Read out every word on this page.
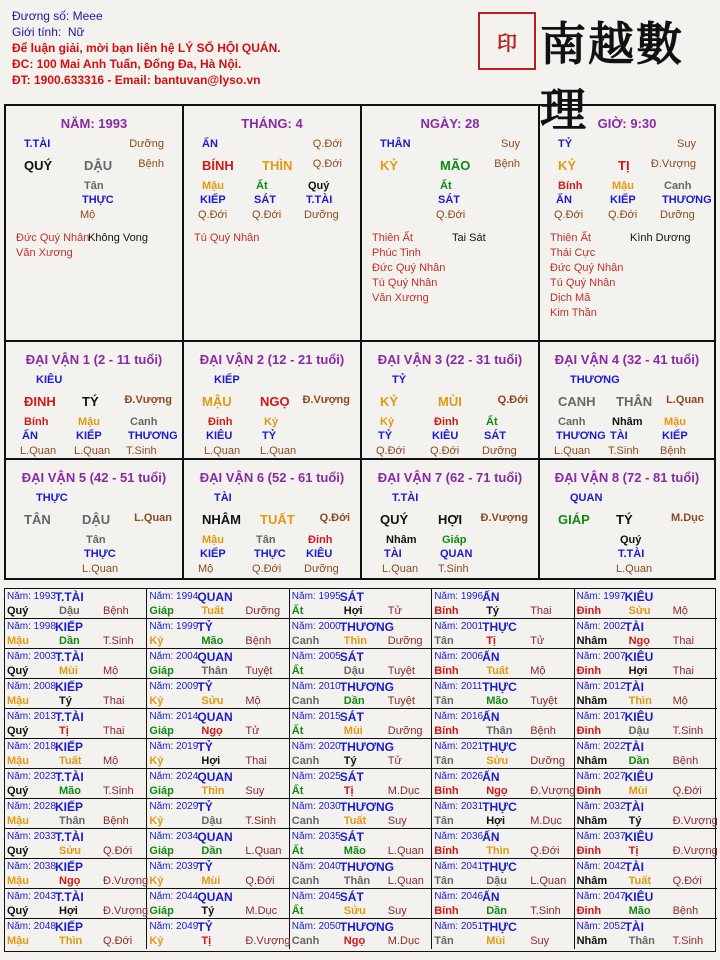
Đương số: Meee
Giới tính: Nữ
Để luận giải, mời bạn liên hệ LÝ SỐ HỘI QUÁN.
ĐC: 100 Mai Anh Tuấn, Đống Đa, Hà Nội.
ĐT: 1900.633316 - Email: bantuvan@lyso.vn
印 南越數理
NĂM: 1993
T.TÀI	Dưỡng
QUÝ DẬU Bệnh
Tân
THỰC
Mộ
Đức Quý Nhân
Văn Xương
Không Vong
THÁNG: 4
ẤN	Q.Đới
BÍNH THÌN Q.Đới
Mậu
KIẾP
Q.Đới
Ất
SÁT
Q.Đới
Quý
T.TÀI
Dưỡng
Tú Quý Nhân
NGÀY: 28
THÂN	Suy
KỶ	MÃO Bệnh
Ất
SÁT
Q.Đới
Thiên Ất
Phúc Tinh
Đức Quý Nhân
Tú Quý Nhân
Văn Xương
Tai Sát
GIỜ: 9:30
TỶ	Suy
KỶ	TỊ Đ.Vượng
Bính
ẤN
Q.Đới
Mậu
KIẾP
Q.Đới
Canh
THƯƠNG
Dưỡng
Thiên Ất
Thái Cực
Đức Quý Nhân
Tú Quý Nhân
Dịch Mã
Kim Thần
Kình Dương
ĐẠI VẬN 1 (2 - 11 tuổi)
KIÊU
ĐINH TÝ Đ.Vượng
Bính
ẤN
L.Quan
Mậu
KIẾP
L.Quan
Canh
THƯƠNG
T.Sinh
ĐẠI VẬN 2 (12 - 21 tuổi)
KIẾP
MẬU NGỌ Đ.Vượng
Đinh
KIÊU
L.Quan
Kỷ
TỶ
L.Quan
ĐẠI VẬN 3 (22 - 31 tuổi)
TỶ
KỶ	MÙI	Q.Đới
Kỷ
TỶ
Q.Đới
Đinh
KIÊU
Q.Đới
Ất
SÁT
Dưỡng
ĐẠI VẬN 4 (32 - 41 tuổi)
THƯƠNG
CANH THÂN L.Quan
Canh
THƯƠNG
L.Quan
Nhâm
TÀI
T.Sinh
Mậu
KIẾP
Bệnh
ĐẠI VẬN 5 (42 - 51 tuổi)
THỰC
TÂN DẬU L.Quan
Tân
THỰC
L.Quan
ĐẠI VẬN 6 (52 - 61 tuổi)
TÀI
NHÂM TUẤT Q.Đới
Mậu
KIẾP
Mộ
Tân
THỰC
Q.Đới
Đinh
KIÊU
Dưỡng
ĐẠI VẬN 7 (62 - 71 tuổi)
T.TÀI
QUÝ HỢI Đ.Vượng
Nhâm
TÀI
L.Quan
Giáp
QUAN
T.Sinh
ĐẠI VẬN 8 (72 - 81 tuổi)
QUAN
GIÁP TÝ	M.Dục
Quý
T.TÀI
L.Quan
Năm: 1993 T.TÀI
Quý	Dậu Bệnh
Năm: 1994 QUAN
Giáp	Tuất Dưỡng
Năm: 1995 SÁT
Ất	Hợi Tử
Năm: 1996 ẤN
Bính	Tý	Thai
Năm: 1997 KIÊU
Đinh	Sửu Mộ
Năm: 1998 KIẾP
Mậu	Dần T.Sinh
Năm: 1999 TỶ
Kỷ	Mão Bệnh
Năm: 2000 THƯƠNG
Canh Thìn Dưỡng
Năm: 2001 THỰC
Tân	Tị	Tử
Năm: 2002 TÀI
Nhâm Ngọ Thai
Năm: 2003 T.TÀI
Quý	Mùi Mộ
Năm: 2004 QUAN
Giáp	Thân Tuyệt
Năm: 2005 SÁT
Ất	Dậu Tuyệt
Năm: 2006 ẤN
Bính	Tuất Mộ
Năm: 2007 KIÊU
Đinh	Hợi Thai
Năm: 2008 KIẾP
Mậu	Tý	Thai
Năm: 2009 TỶ
Kỷ	Sửu Mộ
Năm: 2010 THƯƠNG
Canh Dần Tuyệt
Năm: 2011 THỰC
Tân	Mão Tuyệt
Năm: 2012 TÀI
Nhâm Thìn Mộ
Năm: 2013 T.TÀI
Quý	Tị	Thai
Năm: 2014 QUAN
Giáp	Ngọ Tử
Năm: 2015 SÁT
Ất	Mùi Dưỡng
Năm: 2016 ẤN
Bính	Thân Bệnh
Năm: 2017 KIÊU
Đinh	Dậu T.Sinh
Năm: 2018 KIẾP
Mậu	Tuất Mộ
Năm: 2019 TỶ
Kỷ	Hợi Thai
Năm: 2020 THƯƠNG
Canh Tý	Tử
Năm: 2021 THỰC
Tân	Sửu Dưỡng
Năm: 2022 TÀI
Nhâm Dần Bệnh
Năm: 2023 T.TÀI
Quý	Mão T.Sinh
Năm: 2024 QUAN
Giáp	Thìn Suy
Năm: 2025 SÁT
Ất	Tị	M.Dục
Năm: 2026 ẤN
Bính	Ngọ Đ.Vượng
Năm: 2027 KIÊU
Đinh	Mùi Q.Đới
Năm: 2028 KIẾP
Mậu	Thân Bệnh
Năm: 2029 TỶ
Kỷ	Dậu T.Sinh
Năm: 2030 THƯƠNG
Canh Tuất Suy
Năm: 2031 THỰC
Tân	Hợi M.Dục
Năm: 2032 TÀI
Nhâm Tý	Đ.Vượng
Năm: 2033 T.TÀI
Quý	Sửu Q.Đới
Năm: 2034 QUAN
Giáp	Dần L.Quan
Năm: 2035 SÁT
Ất	Mão L.Quan
Năm: 2036 ẤN
Bính	Thìn Q.Đới
Năm: 2037 KIÊU
Đinh	Tị	Đ.Vượng
Năm: 2038 KIẾP
Mậu	Ngọ Đ.Vượng
Năm: 2039 TỶ
Kỷ	Mùi Q.Đới
Năm: 2040 THƯƠNG
Canh Thân L.Quan
Năm: 2041 THỰC
Tân	Dậu L.Quan
Năm: 2042 TÀI
Nhâm Tuất Q.Đới
Năm: 2043 T.TÀI
Quý	Hợi Đ.Vượng
Năm: 2044 QUAN
Giáp	Tý	M.Dục
Năm: 2045 SÁT
Ất	Sửu Suy
Năm: 2046 ẤN
Bính	Dần T.Sinh
Năm: 2047 KIÊU
Đinh	Mão Bệnh
Năm: 2048 KIẾP
Mậu	Thìn Q.Đới
Năm: 2049 TỶ
Kỷ	Tị	Đ.Vượng
Năm: 2050 THƯƠNG
Canh Ngọ M.Dục
Năm: 2051 THỰC
Tân	Mùi Suy
Năm: 2052 TÀI
Nhâm Thân T.Sinh
